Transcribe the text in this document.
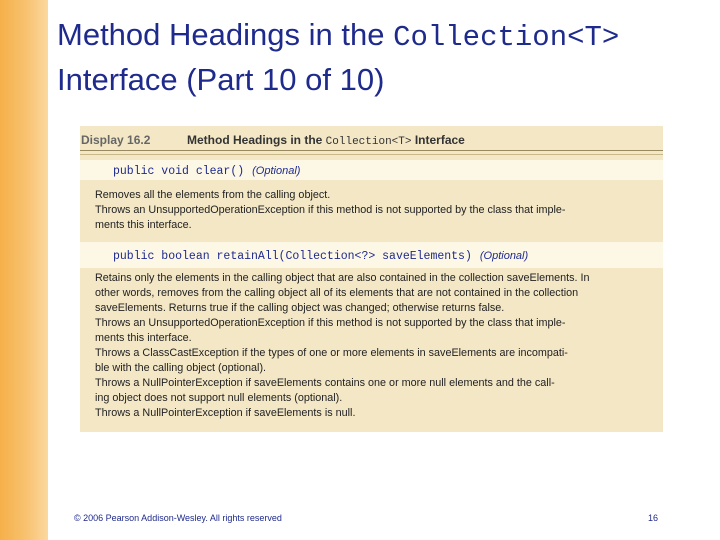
Method Headings in the Collection<T>
Interface (Part 10 of 10)
Display 16.2	Method Headings in the Collection<T> Interface
public void clear() (Optional)
Removes all the elements from the calling object.
Throws an UnsupportedOperationException if this method is not supported by the class that imple-
ments this interface.
public boolean retainAll(Collection<?> saveElements) (Optional)
Retains only the elements in the calling object that are also contained in the collection saveElements. In
other words, removes from the calling object all of its elements that are not contained in the collection
saveElements. Returns true if the calling object was changed; otherwise returns false.
Throws an UnsupportedOperationException if this method is not supported by the class that imple-
ments this interface.
Throws a ClassCastException if the types of one or more elements in saveElements are incompati-
ble with the calling object (optional).
Throws a NullPointerException if saveElements contains one or more null elements and the call-
ing object does not support null elements (optional).
Throws a NullPointerException if saveElements is null.
© 2006 Pearson Addison-Wesley. All rights reserved	16
